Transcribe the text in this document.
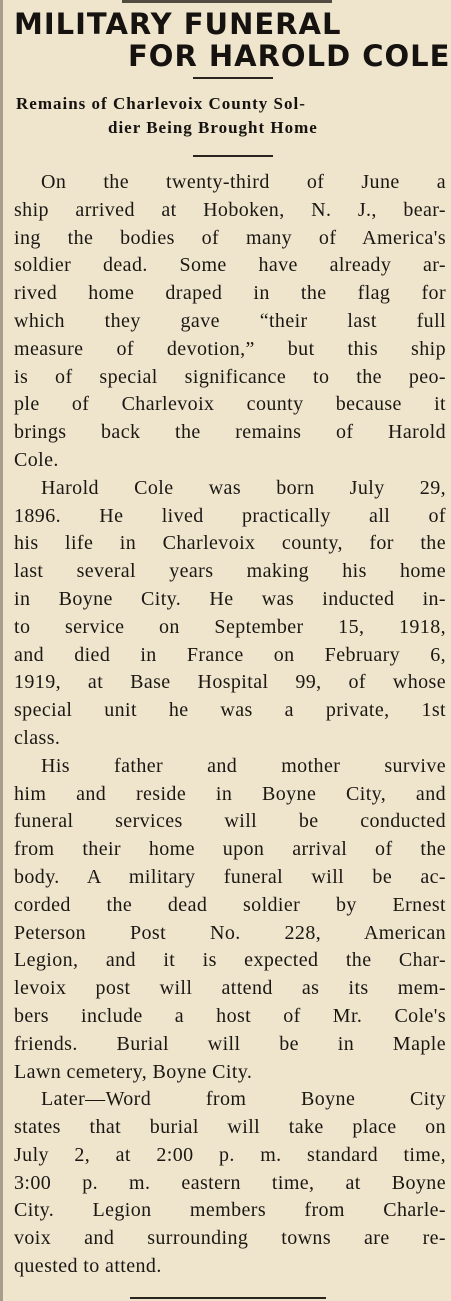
MILITARY FUNERAL
FOR HAROLD COLE
Remains of Charlevoix County Sol-
dier Being Brought Home
On the twenty-third of June a
ship arrived at Hoboken, N. J., bear-
ing the bodies of many of America's
soldier dead. Some have already ar-
rived home draped in the flag for
which they gave “their last full
measure of devotion,” but this ship
is of special significance to the peo-
ple of Charlevoix county because it
brings back the remains of Harold
Cole.
Harold Cole was born July 29,
1896. He lived practically all of
his life in Charlevoix county, for the
last several years making his home
in Boyne City. He was inducted in-
to service on September 15, 1918,
and died in France on February 6,
1919, at Base Hospital 99, of whose
special unit he was a private, 1st
class.
His father and mother survive
him and reside in Boyne City, and
funeral services will be conducted
from their home upon arrival of the
body. A military funeral will be ac-
corded the dead soldier by Ernest
Peterson Post No. 228, American
Legion, and it is expected the Char-
levoix post will attend as its mem-
bers include a host of Mr. Cole's
friends. Burial will be in Maple
Lawn cemetery, Boyne City.
Later—Word from Boyne City
states that burial will take place on
July 2, at 2:00 p. m. standard time,
3:00 p. m. eastern time, at Boyne
City. Legion members from Charle-
voix and surrounding towns are re-
quested to attend.
